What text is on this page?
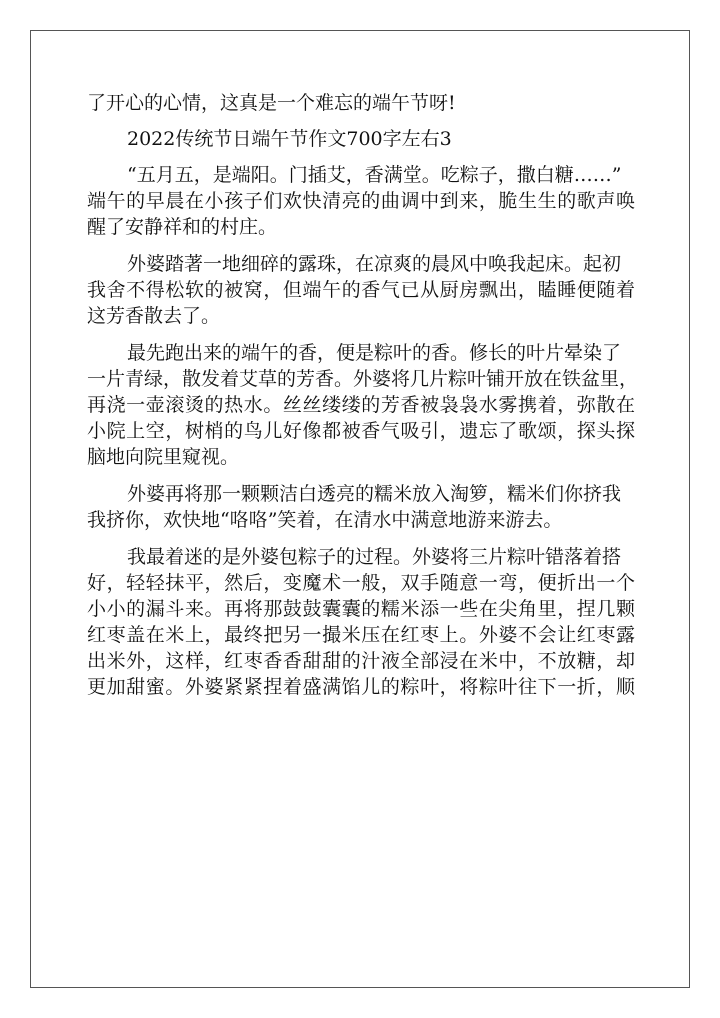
了开心的心情，这真是一个难忘的端午节呀!
2022传统节日端午节作文700字左右3
“五月五，是端阳。门插艾，香满堂。吃粽子，撒白糖……”
端午的早晨在小孩子们欢快清亮的曲调中到来，脆生生的歌声唤
醒了安静祥和的村庄。
外婆踏著一地细碎的露珠，在凉爽的晨风中唤我起床。起初
我舍不得松软的被窝，但端午的香气已从厨房飘出，瞌睡便随着
这芳香散去了。
最先跑出来的端午的香，便是粽叶的香。修长的叶片晕染了
一片青绿，散发着艾草的芳香。外婆将几片粽叶铺开放在铁盆里，
再浇一壶滚烫的热水。丝丝缕缕的芳香被袅袅水雾携着，弥散在
小院上空，树梢的鸟儿好像都被香气吸引，遗忘了歌颂，探头探
脑地向院里窥视。
外婆再将那一颗颗洁白透亮的糯米放入淘箩，糯米们你挤我
我挤你，欢快地“咯咯”笑着，在清水中满意地游来游去。
我最着迷的是外婆包粽子的过程。外婆将三片粽叶错落着搭
好，轻轻抹平，然后，变魔术一般，双手随意一弯，便折出一个
小小的漏斗来。再将那鼓鼓囊囊的糯米添一些在尖角里，捏几颗
红枣盖在米上，最终把另一撮米压在红枣上。外婆不会让红枣露
出米外，这样，红枣香香甜甜的汁液全部浸在米中，不放糖，却
更加甜蜜。外婆紧紧捏着盛满馅儿的粽叶，将粽叶往下一折，顺
